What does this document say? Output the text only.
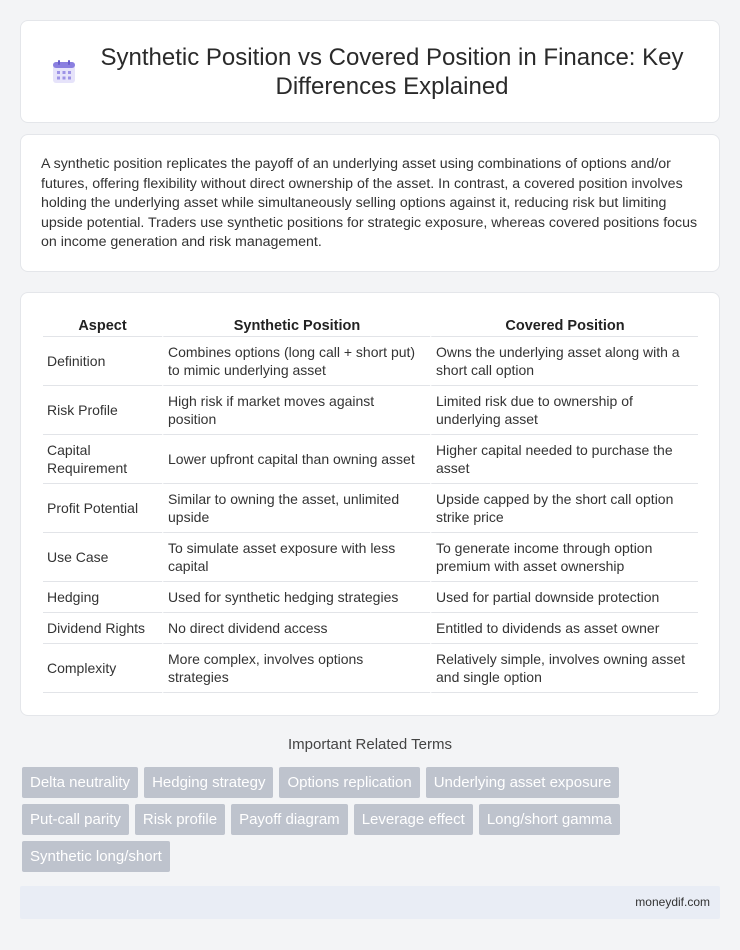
Synthetic Position vs Covered Position in Finance: Key Differences Explained

A synthetic position replicates the payoff of an underlying asset using combinations of options and/or futures, offering flexibility without direct ownership of the asset. In contrast, a covered position involves holding the underlying asset while simultaneously selling options against it, reducing risk but limiting upside potential. Traders use synthetic positions for strategic exposure, whereas covered positions focus on income generation and risk management.

Aspect	Synthetic Position	Covered Position
Definition	Combines options (long call + short put) to mimic underlying asset	Owns the underlying asset along with a short call option
Risk Profile	High risk if market moves against position	Limited risk due to ownership of underlying asset
Capital Requirement	Lower upfront capital than owning asset	Higher capital needed to purchase the asset
Profit Potential	Similar to owning the asset, unlimited upside	Upside capped by the short call option strike price
Use Case	To simulate asset exposure with less capital	To generate income through option premium with asset ownership
Hedging	Used for synthetic hedging strategies	Used for partial downside protection
Dividend Rights	No direct dividend access	Entitled to dividends as asset owner
Complexity	More complex, involves options strategies	Relatively simple, involves owning asset and single option
Important Related Terms
Delta neutrality	Hedging strategy	Options replication	Underlying asset exposure
Put-call parity	Risk profile	Payoff diagram	Leverage effect	Long/short gamma
Synthetic long/short
moneydif.com
